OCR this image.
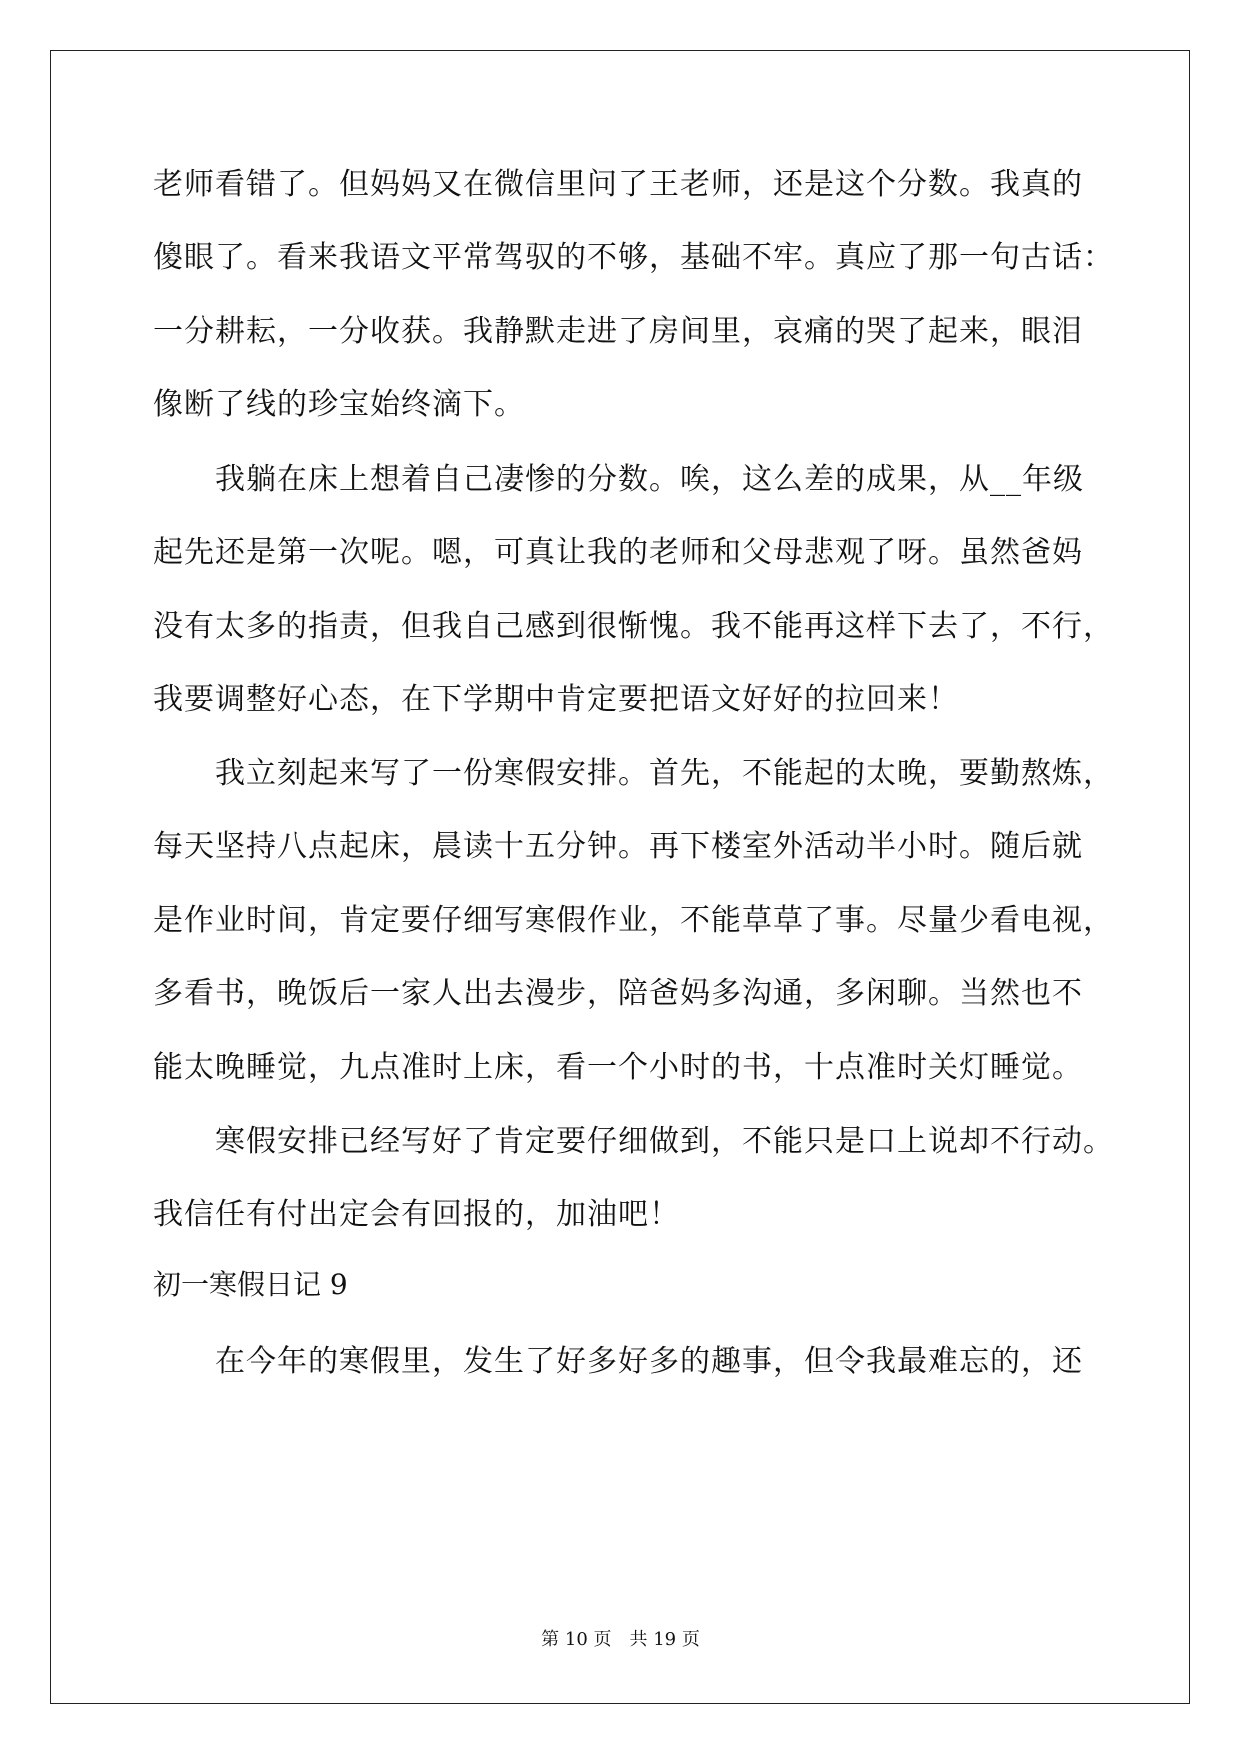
老师看错了。但妈妈又在微信里问了王老师，还是这个分数。我真的
傻眼了。看来我语文平常驾驭的不够，基础不牢。真应了那一句古话：
一分耕耘，一分收获。我静默走进了房间里，哀痛的哭了起来，眼泪
像断了线的珍宝始终滴下。
　　我躺在床上想着自己凄惨的分数。唉，这么差的成果，从__年级
起先还是第一次呢。嗯，可真让我的老师和父母悲观了呀。虽然爸妈
没有太多的指责，但我自己感到很惭愧。我不能再这样下去了，不行，
我要调整好心态，在下学期中肯定要把语文好好的拉回来！
　　我立刻起来写了一份寒假安排。首先，不能起的太晚，要勤熬炼，
每天坚持八点起床，晨读十五分钟。再下楼室外活动半小时。随后就
是作业时间，肯定要仔细写寒假作业，不能草草了事。尽量少看电视，
多看书，晚饭后一家人出去漫步，陪爸妈多沟通，多闲聊。当然也不
能太晚睡觉，九点准时上床，看一个小时的书，十点准时关灯睡觉。
　　寒假安排已经写好了肯定要仔细做到，不能只是口上说却不行动。
我信任有付出定会有回报的，加油吧！
初一寒假日记 9
　　在今年的寒假里，发生了好多好多的趣事，但令我最难忘的，还
第 10 页　共 19 页
